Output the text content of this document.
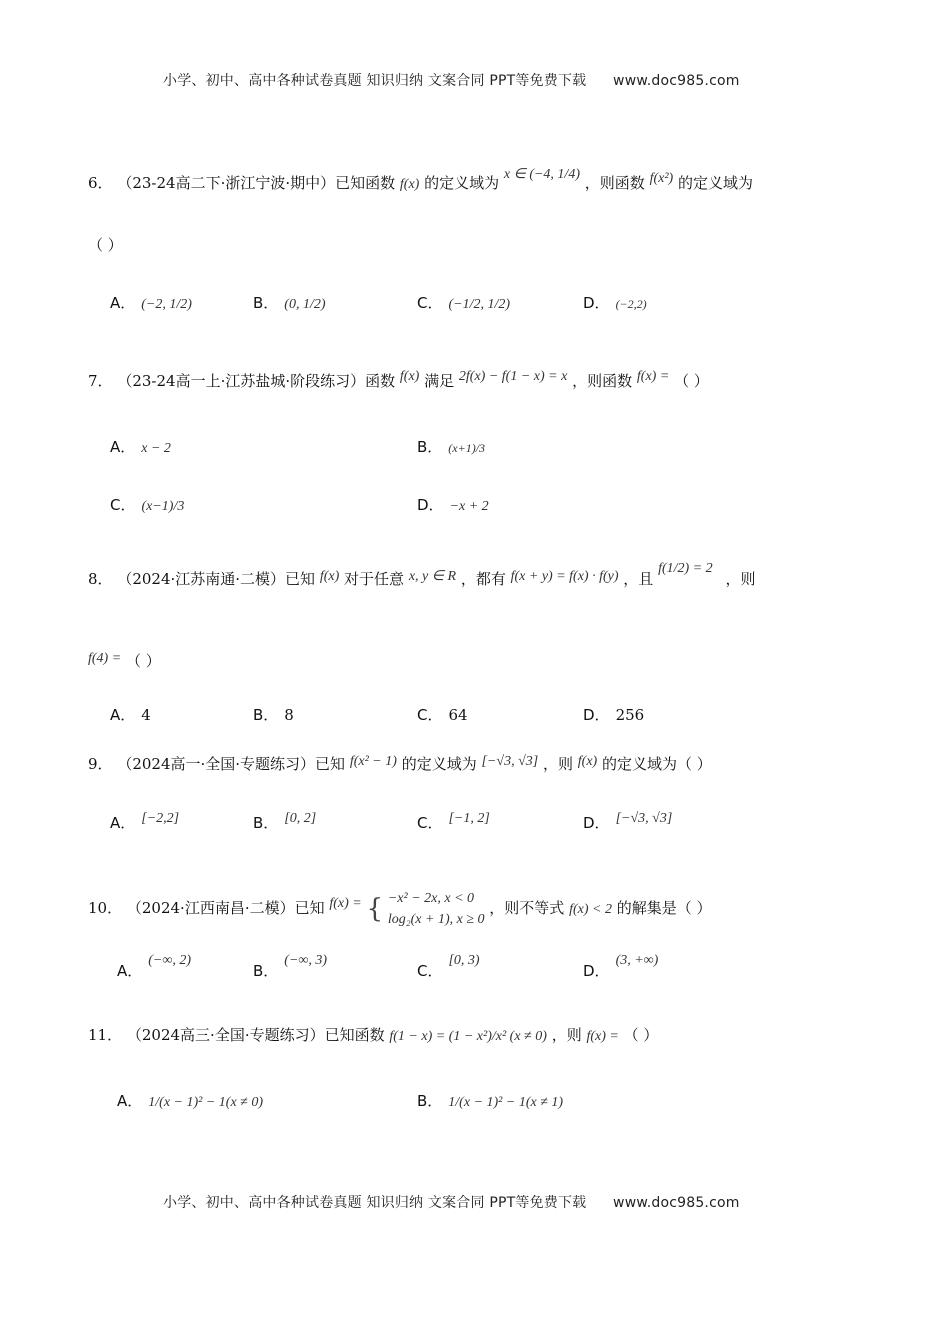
小学、初中、高中各种试卷真题 知识归纳 文案合同 PPT等免费下载 www.doc985.com
6． （23-24高二下·浙江宁波·期中）已知函数 f(x) 的定义域为 x ∈ (−4, 1/4) ，则函数 f(x²) 的定义域为
（ ）
A． (−2, 1/2)	B． (0, 1/2)	C． (−1/2, 1/2)	D． (−2,2)
7． （23-24高一上·江苏盐城·阶段练习）函数 f(x) 满足 2f(x) − f(1 − x) = x ，则函数 f(x) = （ ）
A． x − 2	B． (x+1)/3
C． (x−1)/3	D． −x + 2
8． （2024·江苏南通·二模）已知 f(x) 对于任意 x, y ∈ R ，都有 f(x + y) = f(x) · f(y) ，且 f(1/2) = 2 ，则
f(4) = （ ）
A． 4	B． 8	C． 64	D． 256
9． （2024高一·全国·专题练习）已知 f(x² − 1) 的定义域为 [−√3, √3] ，则 f(x) 的定义域为（ ）
A． [−2,2]	B． [0, 2]	C． [−1, 2]	D． [−√3, √3]
10． （2024·江西南昌·二模）已知 f(x) = { −x² − 2x, x < 0
log₂(x + 1), x ≥ 0
，则不等式 f(x) < 2 的解集是（ ）
A．(−∞, 2)
B．(−∞, 3)
C．[0, 3)
D．(3, +∞)
11． （2024高三·全国·专题练习）已知函数 f(1 − x) = (1 − x²)/x² (x ≠ 0) ，则 f(x) = （ ）
A． 1/(x − 1)² − 1(x ≠ 0)	B． 1/(x − 1)² − 1(x ≠ 1)
小学、初中、高中各种试卷真题 知识归纳 文案合同 PPT等免费下载 www.doc985.com
